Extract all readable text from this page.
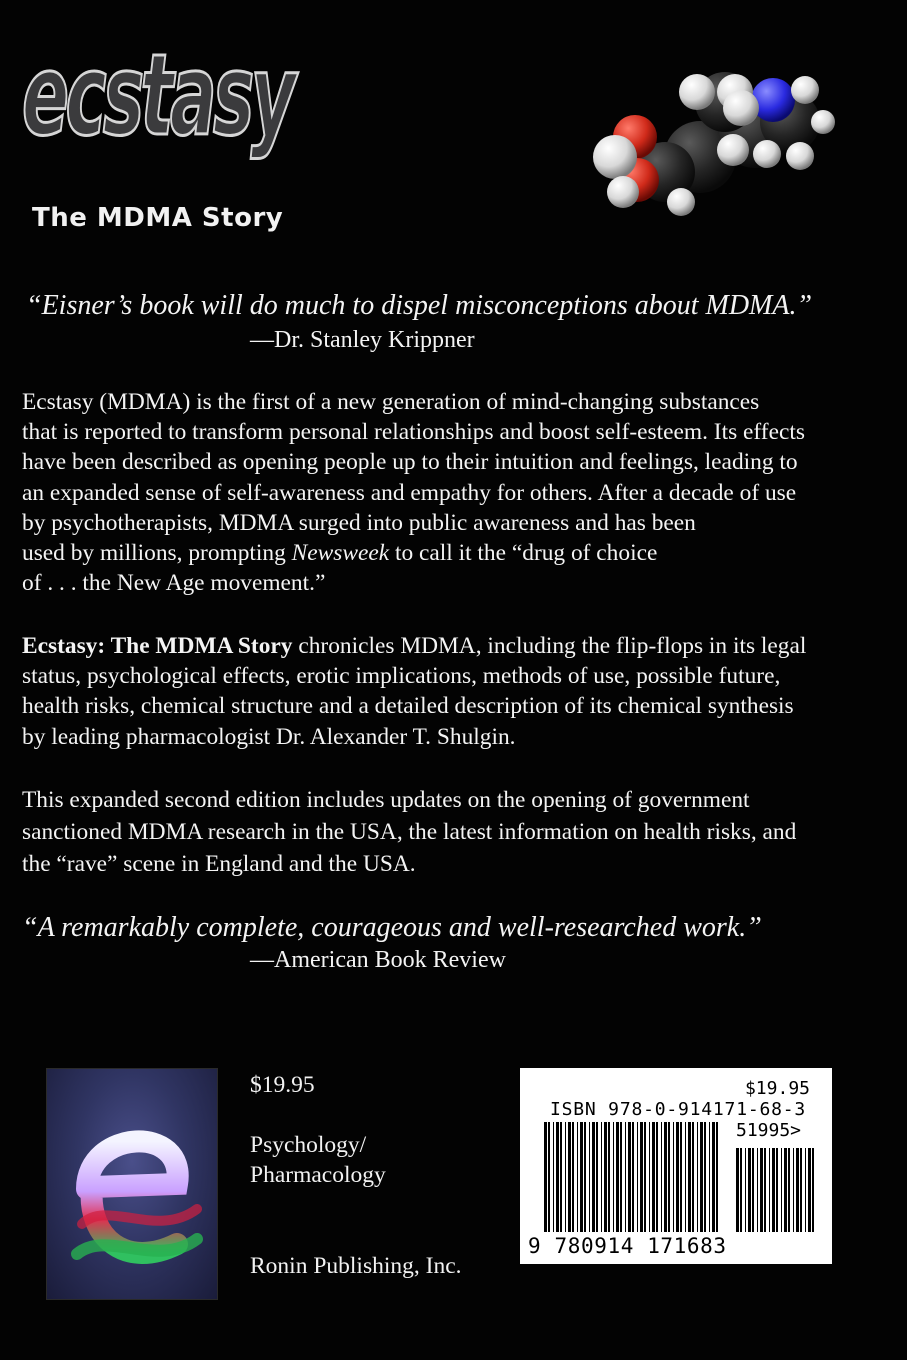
ecstasy
The MDMA Story
“Eisner’s book will do much to dispel misconceptions about MDMA.”
—Dr. Stanley Krippner
Ecstasy (MDMA) is the first of a new generation of mind-changing substances
that is reported to transform personal relationships and boost self-esteem. Its effects
have been described as opening people up to their intuition and feelings, leading to
an expanded sense of self-awareness and empathy for others. After a decade of use
by psychotherapists, MDMA surged into public awareness and has been
used by millions, prompting Newsweek to call it the “drug of choice
of . . . the New Age movement.”
Ecstasy: The MDMA Story chronicles MDMA, including the flip-flops in its legal
status, psychological effects, erotic implications, methods of use, possible future,
health risks, chemical structure and a detailed description of its chemical synthesis
by leading pharmacologist Dr. Alexander T. Shulgin.
This expanded second edition includes updates on the opening of government
sanctioned MDMA research in the USA, the latest information on health risks, and
the “rave” scene in England and the USA.
“A remarkably complete, courageous and well-researched work.”
—American Book Review
$19.95
Psychology/
Pharmacology
Ronin Publishing, Inc.
$19.95
ISBN 978-0-914171-68-3
51995>
9 780914 171683
